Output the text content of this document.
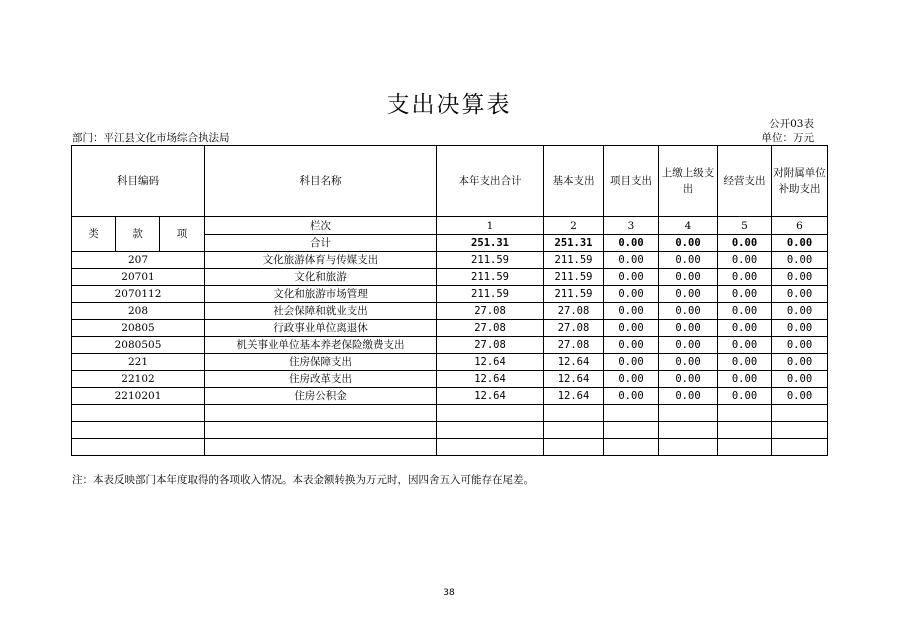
支出决算表
公开03表
部门：平江县文化市场综合执法局	单位：万元
科目编码			科目名称	本年支出合计	基本支出	项目支出	上缴上级支出	经营支出	对附属单位补助支出
类	款	项	栏次	1	2	3	4	5	6
			合计	251.31	251.31	0.00	0.00	0.00	0.00
207			文化旅游体育与传媒支出	211.59	211.59	0.00	0.00	0.00	0.00
20701			文化和旅游	211.59	211.59	0.00	0.00	0.00	0.00
2070112			文化和旅游市场管理	211.59	211.59	0.00	0.00	0.00	0.00
208			社会保障和就业支出	27.08	27.08	0.00	0.00	0.00	0.00
20805			行政事业单位离退休	27.08	27.08	0.00	0.00	0.00	0.00
2080505			机关事业单位基本养老保险缴费支出	27.08	27.08	0.00	0.00	0.00	0.00
221			住房保障支出	12.64	12.64	0.00	0.00	0.00	0.00
22102			住房改革支出	12.64	12.64	0.00	0.00	0.00	0.00
2210201			住房公积金	12.64	12.64	0.00	0.00	0.00	0.00

注：本表反映部门本年度取得的各项收入情况。本表金额转换为万元时，因四舍五入可能存在尾差。
38
